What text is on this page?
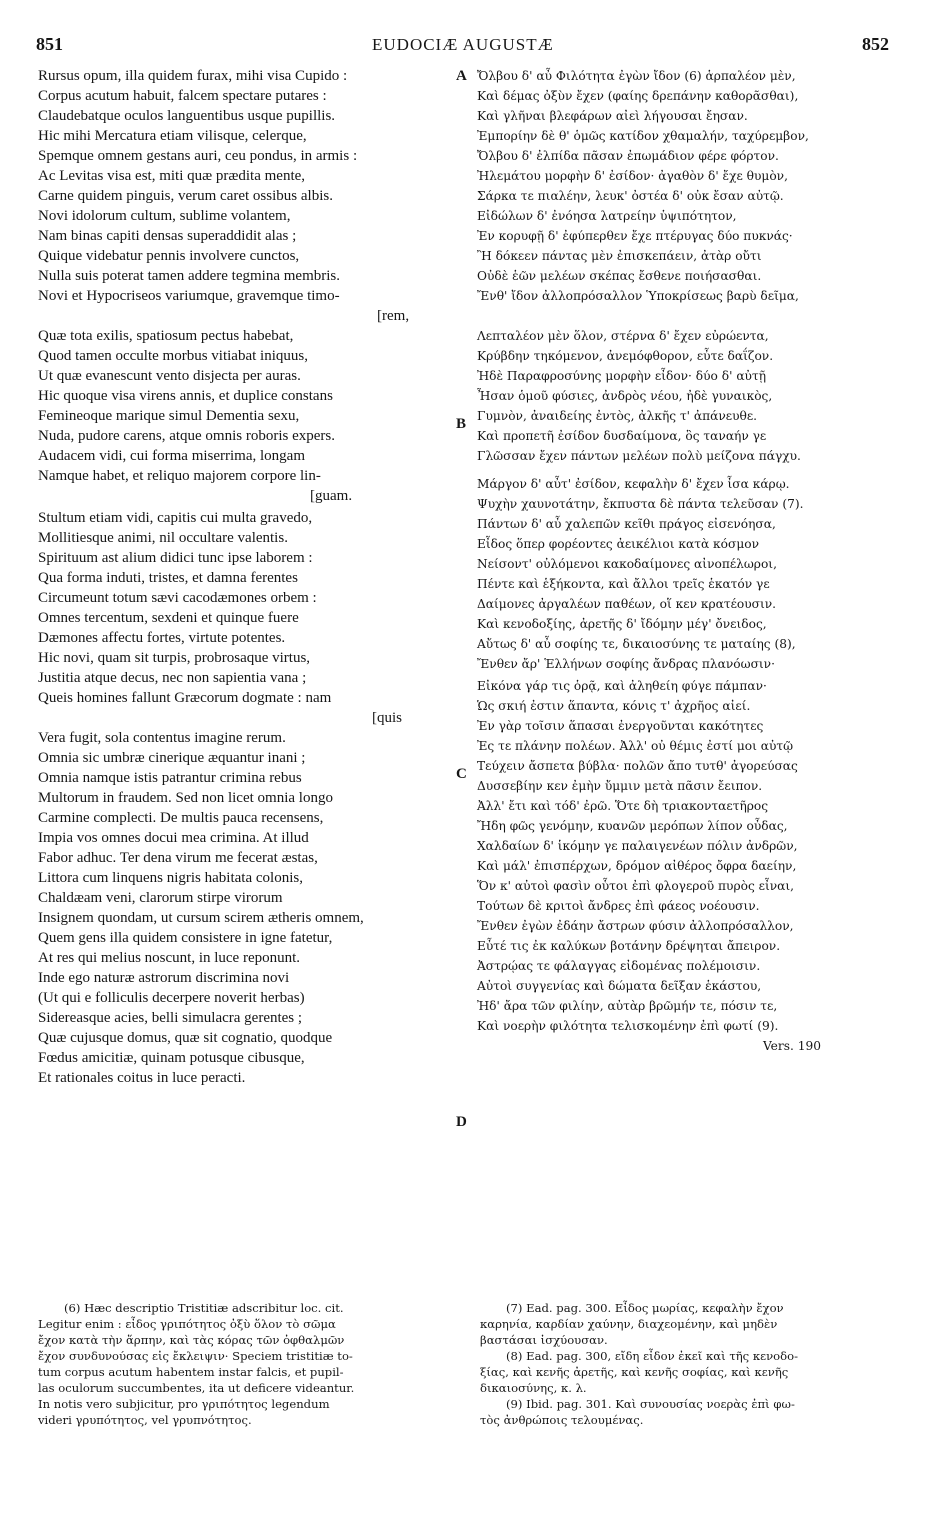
851	EUDOCIÆ AUGUSTÆ	852
Rursus opum, illa quidem furax, mihi visa Cupido :
Corpus acutum habuit, falcem spectare putares :
Claudebatque oculos languentibus usque pupillis.
Hic mihi Mercatura etiam vilisque, celerque,
Spemque omnem gestans auri, ceu pondus, in armis :
Ac Levitas visa est, miti quæ prædita mente,
Carne quidem pinguis, verum caret ossibus albis.
Novi idolorum cultum, sublime volantem,
Nam binas capiti densas superaddidit alas ;
Quique videbatur pennis involvere cunctos,
Nulla suis poterat tamen addere tegmina membris.
Novi et Hypocriseos variumque, gravemque timo-
[rem,
Quæ tota exilis, spatiosum pectus habebat,
Quod tamen occulte morbus vitiabat iniquus,
Ut quæ evanescunt vento disjecta per auras.
Hic quoque visa virens annis, et duplice constans
Femineoque marique simul Dementia sexu,
Nuda, pudore carens, atque omnis roboris expers.
Audacem vidi, cui forma miserrima, longam
Namque habet, et reliquo majorem corpore lin-
[guam.
Stultum etiam vidi, capitis cui multa gravedo,
Mollitiesque animi, nil occultare valentis.
Spirituum ast alium didici tunc ipse laborem :
Qua forma induti, tristes, et damna ferentes
Circumeunt totum sævi cacodæmones orbem :
Omnes tercentum, sexdeni et quinque fuere
Dæmones affectu fortes, virtute potentes.
Hic novi, quam sit turpis, probrosaque virtus,
Justitia atque decus, nec non sapientia vana ;
Queis homines fallunt Græcorum dogmate : nam
[quis
Vera fugit, sola contentus imagine rerum.
Omnia sic umbræ cinerique æquantur inani ;
Omnia namque istis patrantur crimina rebus
Multorum in fraudem. Sed non licet omnia longo
Carmine complecti. De multis pauca recensens,
Impia vos omnes docui mea crimina. At illud
Fabor adhuc. Ter dena virum me fecerat æstas,
Littora cum linquens nigris habitata colonis,
Chaldæam veni, clarorum stirpe virorum
Insignem quondam, ut cursum scirem ætheris omnem,
Quem gens illa quidem consistere in igne fatetur,
At res qui melius noscunt, in luce reponunt.
Inde ego naturæ astrorum discrimina novi
(Ut qui e folliculis decerpere noverit herbas)
Sidereasque acies, belli simulacra gerentes ;
Quæ cujusque domus, quæ sit cognatio, quodque
Fœdus amicitiæ, quinam potusque cibusque,
Et rationales coitus in luce peracti.
Ὄλβου δ' αὖ Φιλότητα ἐγὼν ἴδον (6) ἁρπαλέον μὲν,
Καὶ δέμας ὀξὺν ἔχεν (φαίης δρεπάνην καθορᾶσθαι),
Καὶ γλῆναι βλεφάρων αἰεὶ λήγουσαι ἔησαν.
Ἐμπορίην δὲ θ' ὁμῶς κατίδον χθαμαλήν, ταχύρεμβον,
Ὄλβου δ' ἐλπίδα πᾶσαν ἐπωμάδιον φέρε φόρτον.
Ἠλεμάτου μορφὴν δ' ἐσίδον· ἀγαθὸν δ' ἔχε θυμὸν,
Σάρκα τε πιαλέην, λευκ' ὀστέα δ' οὐκ ἔσαν αὐτῷ.
Εἰδώλων δ' ἐνόησα λατρείην ὑψιπότητον,
Ἐν κορυφῇ δ' ἐφύπερθεν ἔχε πτέρυγας δύο πυκνάς·
Ἢ δόκεεν πάντας μὲν ἐπισκεπάειν, ἀτὰρ οὔτι
Οὐδὲ ἑῶν μελέων σκέπας ἔσθενε ποιήσασθαι.
Ἔνθ' ἴδον ἀλλοπρόσαλλον Ὑποκρίσεως βαρὺ δεῖμα,
Λεπταλέον μὲν ὅλον, στέρνα δ' ἔχεν εὐρώεντα,
Κρύβδην τηκόμενον, ἀνεμόφθορον, εὖτε δαΐζον.
Ἠδὲ Παραφροσύνης μορφὴν εἶδον· δύο δ' αὐτῇ
Ἦσαν ὁμοῦ φύσιες, ἀνδρὸς νέου, ἠδὲ γυναικὸς,
Γυμνὸν, ἀναιδείης ἐντὸς, ἀλκῆς τ' ἀπάνευθε.
Καὶ προπετῆ ἐσίδον δυσδαίμονα, ὃς ταναήν γε
Γλῶσσαν ἔχεν πάντων μελέων πολὺ μείζονα πάγχυ.
Μάργον δ' αὖτ' ἐσίδον, κεφαλὴν δ' ἔχεν ἶσα κάρῳ.
Ψυχὴν χαυνοτάτην, ἔκπυστα δὲ πάντα τελεῦσαν (7).
Πάντων δ' αὖ χαλεπῶν κεῖθι πράγος εἰσενόησα,
Εἶδος ὅπερ φορέοντες ἀεικέλιοι κατὰ κόσμον
Νείσοντ' οὐλόμενοι κακοδαίμονες αἰνοπέλωροι,
Πέντε καὶ ἑξήκοντα, καὶ ἄλλοι τρεῖς ἑκατόν γε
Δαίμονες ἀργαλέων παθέων, οἵ κεν κρατέουσιν.
Καὶ κενοδοξίης, ἀρετῆς δ' ἴδόμην μέγ' ὄνειδος,
Αὔτως δ' αὖ σοφίης τε, δικαιοσύνης τε ματαίης (8),
Ἔνθεν ἄρ' Ἑλλήνων σοφίης ἄνδρας πλανόωσιν·
Εἰκόνα γάρ τις ὁρᾷ, καὶ ἀληθείη φύγε πάμπαν·
Ὡς σκιή ἐστιν ἅπαντα, κόνις τ' ἀχρῆος αἰεί.
Ἐν γὰρ τοῖσιν ἅπασαι ἐνεργοῦνται κακότητες
Ἐς τε πλάνην πολέων. Ἀλλ' οὐ θέμις ἐστί μοι αὐτῷ
Τεύχειν ἄσπετα βύβλα· πολῶν ἄπο τυτθ' ἀγορεύσας
Δυσσεβίην κεν ἐμὴν ὔμμιν μετὰ πᾶσιν ἔειπον.
Ἀλλ' ἔτι καὶ τόδ' ἐρῶ. Ὅτε δὴ τριακονταετῆρος
Ἤδη φῶς γενόμην, κυανῶν μερόπων λίπον οὖδας,
Χαλδαίων δ' ἱκόμην γε παλαιγενέων πόλιν ἀνδρῶν,
Καὶ μάλ' ἐπισπέρχων, δρόμον αἰθέρος ὄφρα δαείην,
Ὅν κ' αὐτοὶ φασὶν οὗτοι ἐπὶ φλογεροῦ πυρὸς εἶναι,
Τούτων δὲ κριτοὶ ἄνδρες ἐπὶ φάεος νοέουσιν.
Ἔνθεν ἐγὼν ἐδάην ἄστρων φύσιν ἀλλοπρόσαλλον,
Εὖτέ τις ἐκ καλύκων βοτάνην δρέψηται ἄπειρον.
Ἀστρῴας τε φάλαγγας εἰδομένας πολέμοισιν.
Αὐτοὶ συγγενίας καὶ δώματα δεῖξαν ἑκάστου,
Ἠδ' ἄρα τῶν φιλίην, αὐτὰρ βρῶμήν τε, πόσιν τε,
Καὶ νοερὴν φιλότητα τελισκομένην ἐπὶ φωτί (9).
Vers. 190
A
B
C
D
(6) Hæc descriptio Tristitiæ adscribitur loc. cit.
Legitur enim : εἶδος γριπότητος ὀξὺ ὅλον τὸ σῶμα
ἔχον κατὰ τὴν ἅρπην, καὶ τὰς κόρας τῶν ὀφθαλμῶν
ἔχον συνδυνούσας εἰς ἔκλειψιν· Speciem tristitiæ to-
tum corpus acutum habentem instar falcis, et pupil-
las oculorum succumbentes, ita ut deficere videantur.
In notis vero subjicitur, pro γριπότητος legendum
videri γρυπότητος, vel γρυπνότητος.
(7) Ead. pag. 300. Εἶδος μωρίας, κεφαλὴν ἔχον
καρηνία, καρδίαν χαύνην, διαχεομένην, καὶ μηδὲν
βαστάσαι ἰσχύουσαν.
(8) Ead. pag. 300, εἴδη εἶδον ἐκεῖ καὶ τῆς κενοδο-
ξίας, καὶ κενῆς ἀρετῆς, καὶ κενῆς σοφίας, καὶ κενῆς
δικαιοσύνης, κ. λ.
(9) Ibid. pag. 301. Καὶ συνουσίας νοερὰς ἐπὶ φω-
τὸς ἀνθρώποις τελουμένας.
